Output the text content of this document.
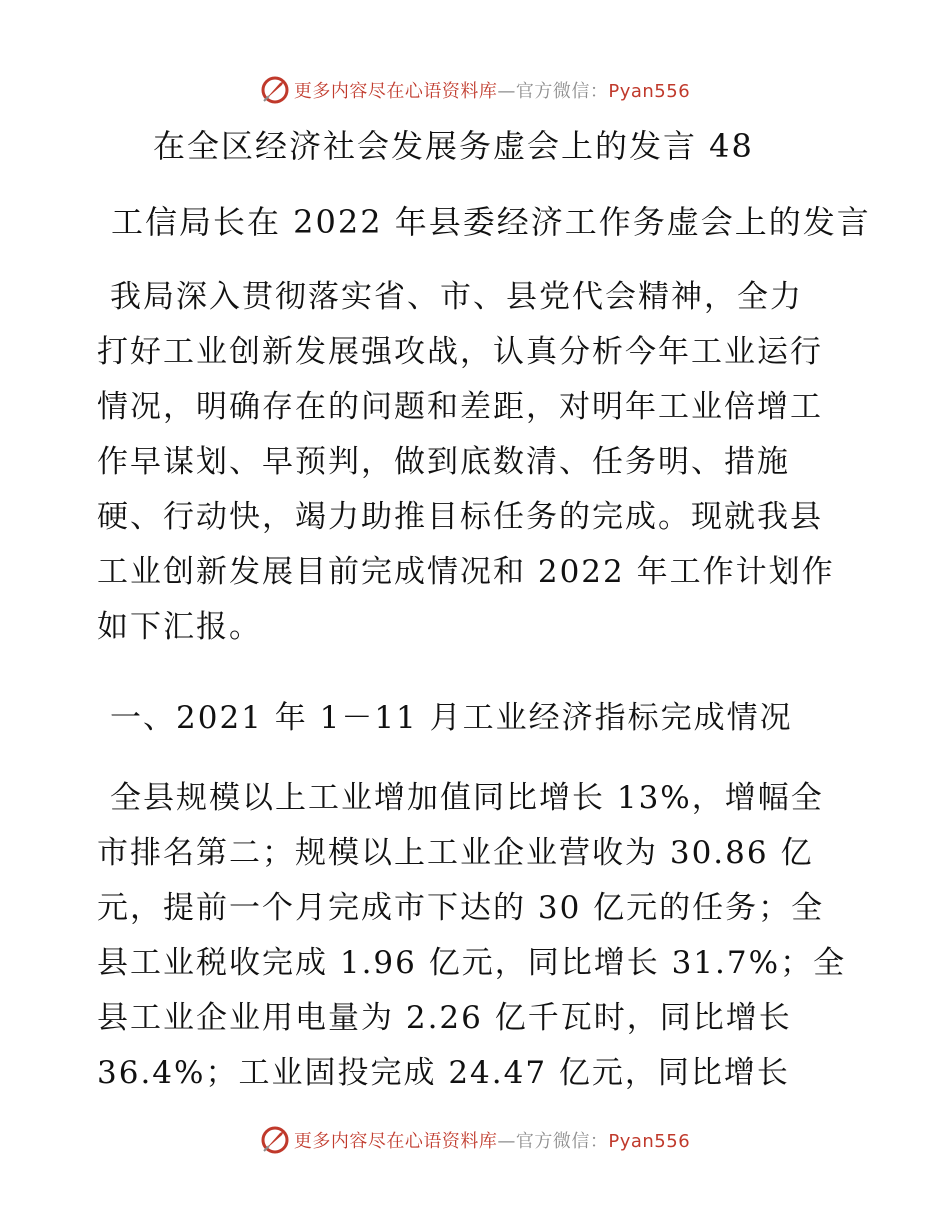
更多内容尽在心语资料库—官方微信：Pyan556

在全区经济社会发展务虚会上的发言 48

工信局长在 2022 年县委经济工作务虚会上的发言

我局深入贯彻落实省、市、县党代会精神，全力

打好工业创新发展强攻战，认真分析今年工业运行

情况，明确存在的问题和差距，对明年工业倍增工

作早谋划、早预判，做到底数清、任务明、措施

硬、行动快，竭力助推目标任务的完成。现就我县

工业创新发展目前完成情况和 2022 年工作计划作

如下汇报。

一、2021 年 1－11 月工业经济指标完成情况

全县规模以上工业增加值同比增长 13%，增幅全

市排名第二；规模以上工业企业营收为 30.86 亿

元，提前一个月完成市下达的 30 亿元的任务；全

县工业税收完成 1.96 亿元，同比增长 31.7%；全

县工业企业用电量为 2.26 亿千瓦时，同比增长

36.4%；工业固投完成 24.47 亿元，同比增长

更多内容尽在心语资料库—官方微信：Pyan556
